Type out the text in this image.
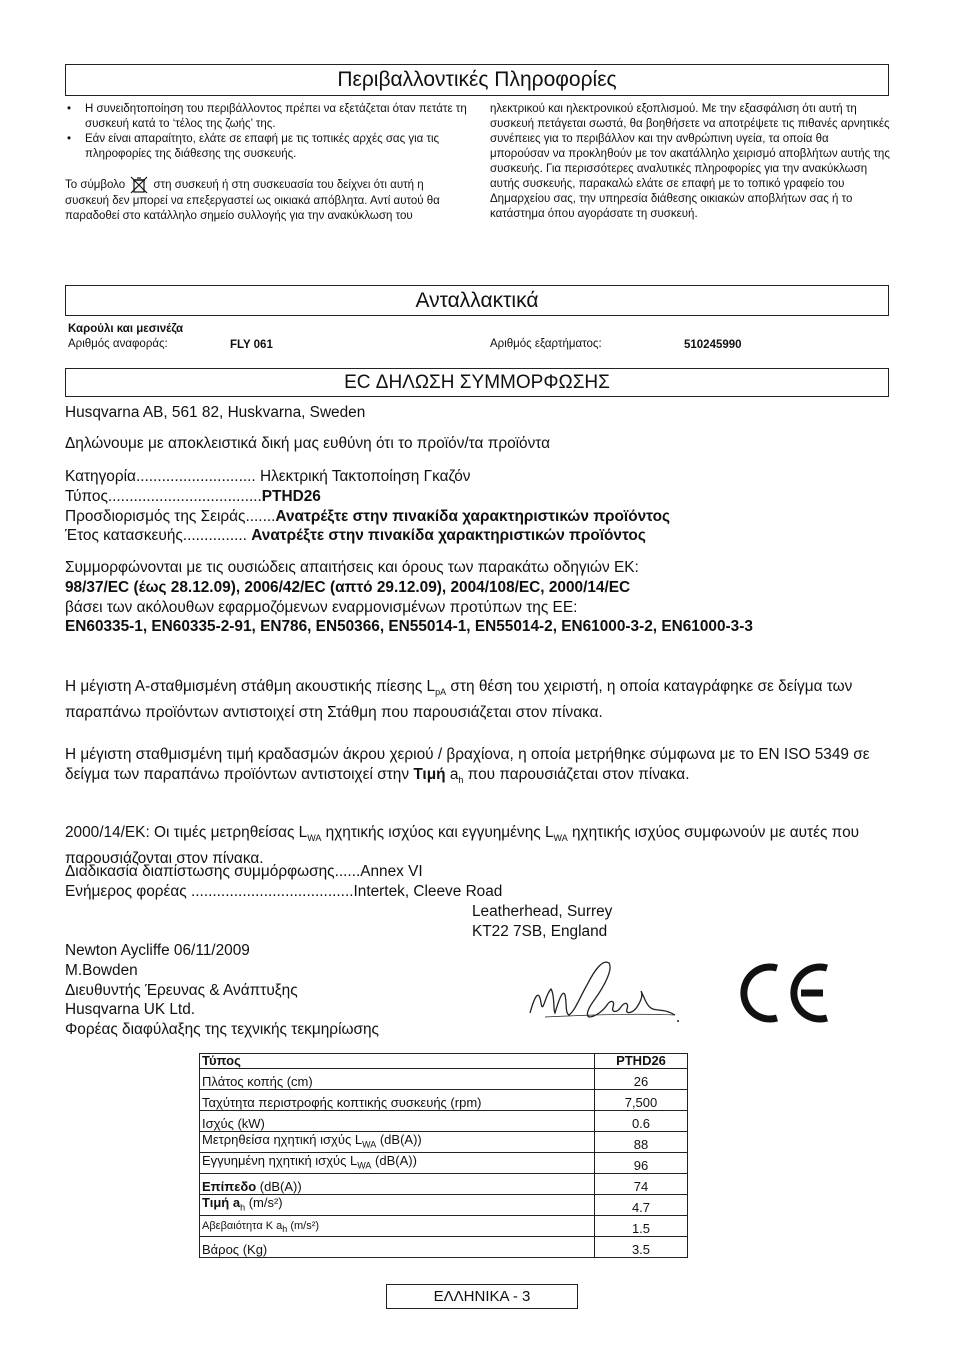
Περιβαλλοντικές Πληροφορίες
• Η συνειδητοποίηση του περιβάλλοντος πρέπει να εξετάζεται όταν πετάτε τη συσκευή κατά το ‘τέλος της ζωής’ της.
• Εάν είναι απαραίτητο, ελάτε σε επαφή με τις τοπικές αρχές σας για τις πληροφορίες της διάθεσης της συσκευής.
Το σύμβολο στη συσκευή ή στη συσκευασία του δείχνει ότι αυτή η συσκευή δεν μπορεί να επεξεργαστεί ως οικιακά απόβλητα. Αντί αυτού θα παραδοθεί στο κατάλληλο σημείο συλλογής για την ανακύκλωση του
ηλεκτρικού και ηλεκτρονικού εξοπλισμού. Με την εξασφάλιση ότι αυτή τη συσκευή πετάγεται σωστά, θα βοηθήσετε να αποτρέψετε τις πιθανές αρνητικές συνέπειες για το περιβάλλον και την ανθρώπινη υγεία, τα οποία θα μπορούσαν να προκληθούν με τον ακατάλληλο χειρισμό αποβλήτων αυτής της συσκευής. Για περισσότερες αναλυτικές πληροφορίες για την ανακύκλωση αυτής συσκευής, παρακαλώ ελάτε σε επαφή με το τοπικό γραφείο του Δημαρχείου σας, την υπηρεσία διάθεσης οικιακών αποβλήτων σας ή το κατάστημα όπου αγοράσατε τη συσκευή.
Ανταλλακτικά
Καρούλι και μεσινέζα
Αριθμός αναφοράς:	FLY 061	Αριθμός εξαρτήματος:	510245990
ΕC ΔΗΛΩΣΗ ΣΥΜΜΟΡΦΩΣΗΣ
Husqvarna AB, 561 82, Huskvarna, Sweden
Δηλώνουμε με αποκλειστικά δική μας ευθύνη ότι το προϊόν/τα προϊόντα
Κατηγορία............................ Ηλεκτρική Τακτοποίηση Γκαζόν
Τύπος....................................PTHD26
Προσδιορισμός της Σειράς.......Ανατρέξτε στην πινακίδα χαρακτηριστικών προϊόντος
Έτος κατασκευής............... Ανατρέξτε στην πινακίδα χαρακτηριστικών προϊόντος
Συμμορφώνονται με τις ουσιώδεις απαιτήσεις και όρους των παρακάτω οδηγιών ΕΚ:
98/37/EC (έως 28.12.09), 2006/42/EC (απτό 29.12.09), 2004/108/EC, 2000/14/EC
βάσει των ακόλουθων εφαρμοζόμενων εναρμονισμένων προτύπων της ΕΕ:
EN60335-1, EN60335-2-91, EN786, EN50366, EN55014-1, EN55014-2, EN61000-3-2, EN61000-3-3
Η μέγιστη Α-σταθμισμένη στάθμη ακουστικής πίεσης $L_{pA}$ στη θέση του χειριστή, η οποία καταγράφηκε σε δείγμα των παραπάνω προϊόντων αντιστοιχεί στη Στάθμη που παρουσιάζεται στον πίνακα.
Η μέγιστη σταθμισμένη τιμή κραδασμών άκρου χεριού / βραχίονα, η οποία μετρήθηκε σύμφωνα με το EN ISO 5349 σε δείγμα των παραπάνω προϊόντων αντιστοιχεί στην Τιμή $a_h$ που παρουσιάζεται στον πίνακα.
2000/14/EK: Οι τιμές μετρηθείσας $L_{WA}$ ηχητικής ισχύος και εγγυημένης $L_{WA}$ ηχητικής ισχύος συμφωνούν με αυτές που παρουσιάζονται στον πίνακα.
Διαδικασία διαπίστωσης συμμόρφωσης......Annex VI
Ενήμερος φορέας ......................................Intertek, Cleeve Road
Leatherhead, Surrey
KT22 7SB, England
Newton Aycliffe 06/11/2009
M.Bowden
Διευθυντής Έρευνας & Ανάπτυξης
Husqvarna UK Ltd.
Φορέας διαφύλαξης της τεχνικής τεκμηρίωσης
Τύπος	PTHD26
Πλάτος κοπής (cm)	26
Ταχύτητα περιστροφής κοπτικής συσκευής (rpm)	7,500
Ισχύς (kW)	0.6
Μετρηθείσα ηχητική ισχύς $L_{WA}$ (dB(A))	88
Εγγυημένη ηχητική ισχύς $L_{WA}$ (dB(A))	96
Επίπεδο (dB(A))	74
Τιμή $a_h$ (m/s²)	4.7
Αβεβαιότητα K $a_h$ (m/s²)	1.5
Βάρος (Kg)	3.5
ΕΛΛΗΝΙΚΑ - 3
